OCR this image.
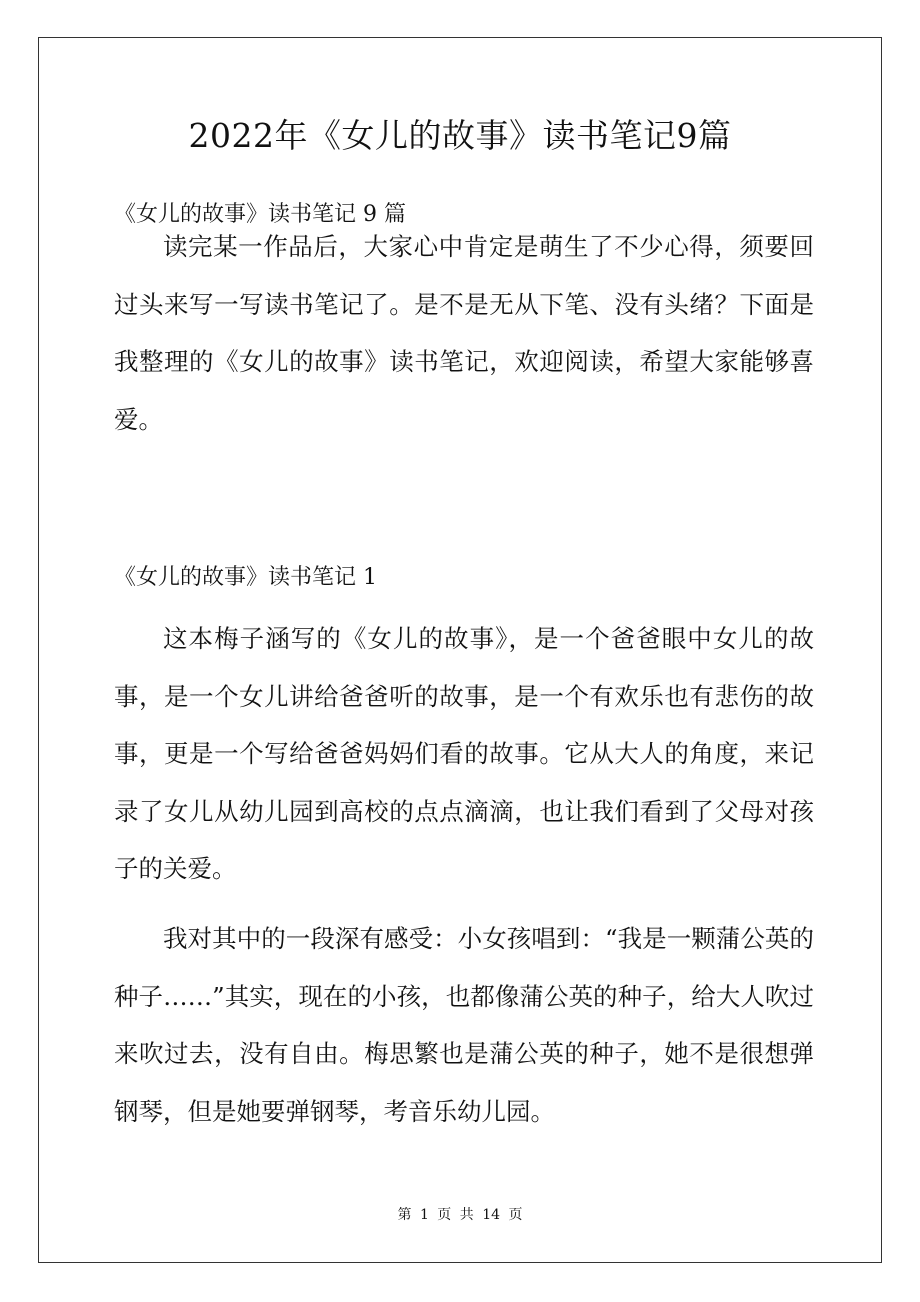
2022年《女儿的故事》读书笔记9篇
《女儿的故事》读书笔记 9 篇

读完某一作品后，大家心中肯定是萌生了不少心得，须要回过头来写一写读书笔记了。是不是无从下笔、没有头绪？下面是我整理的《女儿的故事》读书笔记，欢迎阅读，希望大家能够喜爱。

《女儿的故事》读书笔记 1

这本梅子涵写的《女儿的故事》，是一个爸爸眼中女儿的故事，是一个女儿讲给爸爸听的故事，是一个有欢乐也有悲伤的故事，更是一个写给爸爸妈妈们看的故事。它从大人的角度，来记录了女儿从幼儿园到高校的点点滴滴，也让我们看到了父母对孩子的关爱。

我对其中的一段深有感受：小女孩唱到：“我是一颗蒲公英的种子……”其实，现在的小孩，也都像蒲公英的种子，给大人吹过来吹过去，没有自由。梅思繁也是蒲公英的种子，她不是很想弹钢琴，但是她要弹钢琴，考音乐幼儿园。

第 1 页 共 14 页
